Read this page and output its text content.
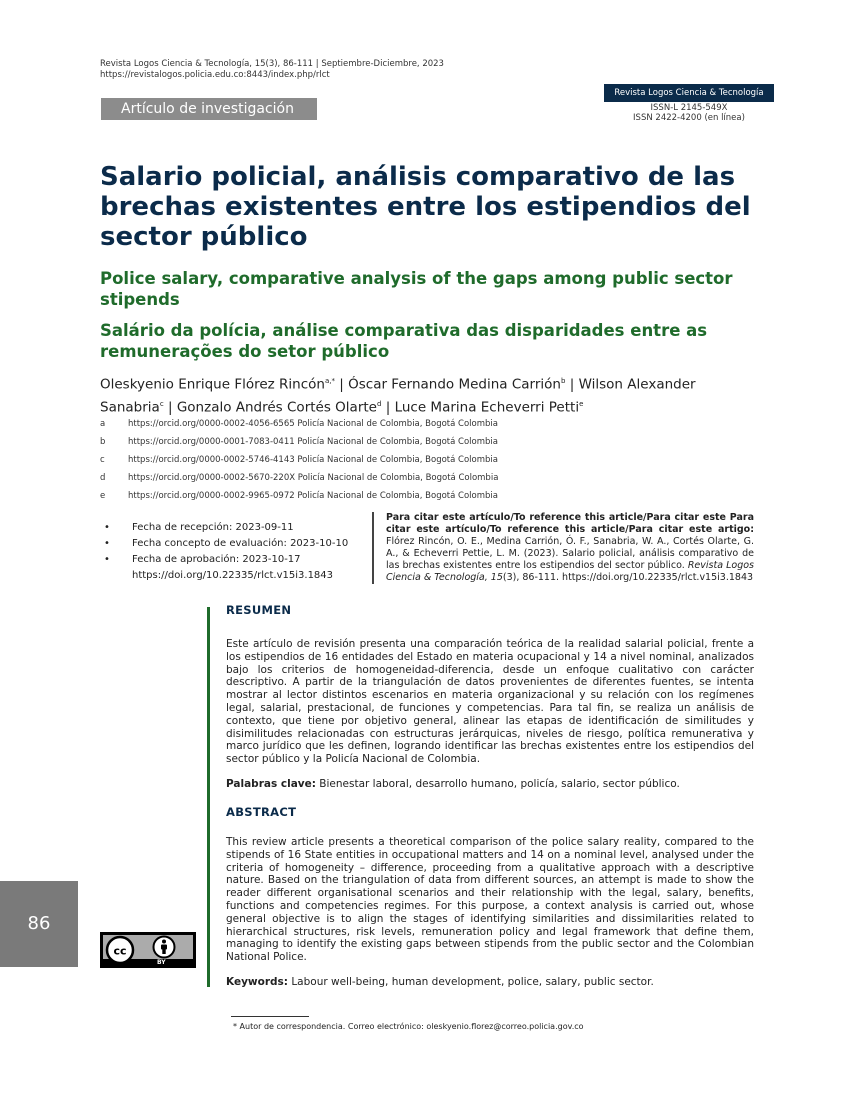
Revista Logos Ciencia & Tecnología, 15(3), 86-111 | Septiembre-Diciembre, 2023
https://revistalogos.policia.edu.co:8443/index.php/rlct
Revista Logos Ciencia & Tecnología
ISSN-L 2145-549X
ISSN 2422-4200 (en línea)
Artículo de investigación
Salario policial, análisis comparativo de las brechas existentes entre los estipendios del sector público
Police salary, comparative analysis of the gaps among public sector stipends
Salário da polícia, análise comparativa das disparidades entre as remunerações do setor público
Oleskyenio Enrique Flórez Rincón$^{a,*}$ | Óscar Fernando Medina Carrión$^b$ | Wilson Alexander Sanabria$^c$ | Gonzalo Andrés Cortés Olarte$^d$ | Luce Marina Echeverri Petti$^e$
a	https://orcid.org/0000-0002-4056-6565 Policía Nacional de Colombia, Bogotá Colombia
b	https://orcid.org/0000-0001-7083-0411 Policía Nacional de Colombia, Bogotá Colombia
c	https://orcid.org/0000-0002-5746-4143 Policía Nacional de Colombia, Bogotá Colombia
d	https://orcid.org/0000-0002-5670-220X Policía Nacional de Colombia, Bogotá Colombia
e	https://orcid.org/0000-0002-9965-0972 Policía Nacional de Colombia, Bogotá Colombia
• Fecha de recepción: 2023-09-11
• Fecha concepto de evaluación: 2023-10-10
• Fecha de aprobación: 2023-10-17
https://doi.org/10.22335/rlct.v15i3.1843
Para citar este artículo/To reference this article/Para citar este Para citar este artículo/To reference this article/Para citar este artigo: Flórez Rincón, O. E., Medina Carrión, Ó. F., Sanabria, W. A., Cortés Olarte, G. A., & Echeverri Pettie, L. M. (2023). Salario policial, análisis comparativo de las brechas existentes entre los estipendios del sector público. Revista Logos Ciencia & Tecnología, 15(3), 86-111. https://doi.org/10.22335/rlct.v15i3.1843
RESUMEN

Este artículo de revisión presenta una comparación teórica de la realidad salarial policial, frente a los estipendios de 16 entidades del Estado en materia ocupacional y 14 a nivel nominal, analizados bajo los criterios de homogeneidad-diferencia, desde un enfoque cualitativo con carácter descriptivo. A partir de la triangulación de datos provenientes de diferentes fuentes, se intenta mostrar al lector distintos escenarios en materia organizacional y su relación con los regímenes legal, salarial, prestacional, de funciones y competencias. Para tal fin, se realiza un análisis de contexto, que tiene por objetivo general, alinear las etapas de identificación de similitudes y disimilitudes relacionadas con estructuras jerárquicas, niveles de riesgo, política remunerativa y marco jurídico que les definen, logrando identificar las brechas existentes entre los estipendios del sector público y la Policía Nacional de Colombia.

Palabras clave: Bienestar laboral, desarrollo humano, policía, salario, sector público.
ABSTRACT

This review article presents a theoretical comparison of the police salary reality, compared to the stipends of 16 State entities in occupational matters and 14 on a nominal level, analysed under the criteria of homogeneity – difference, proceeding from a qualitative approach with a descriptive nature. Based on the triangulation of data from different sources, an attempt is made to show the reader different organisational scenarios and their relationship with the legal, salary, benefits, functions and competencies regimes. For this purpose, a context analysis is carried out, whose general objective is to align the stages of identifying similarities and dissimilarities related to hierarchical structures, risk levels, remuneration policy and legal framework that define them, managing to identify the existing gaps between stipends from the public sector and the Colombian National Police.

Keywords: Labour well-being, human development, police, salary, public sector.
86
cc
BY
* Autor de correspondencia. Correo electrónico: oleskyenio.florez@correo.policia.gov.co
